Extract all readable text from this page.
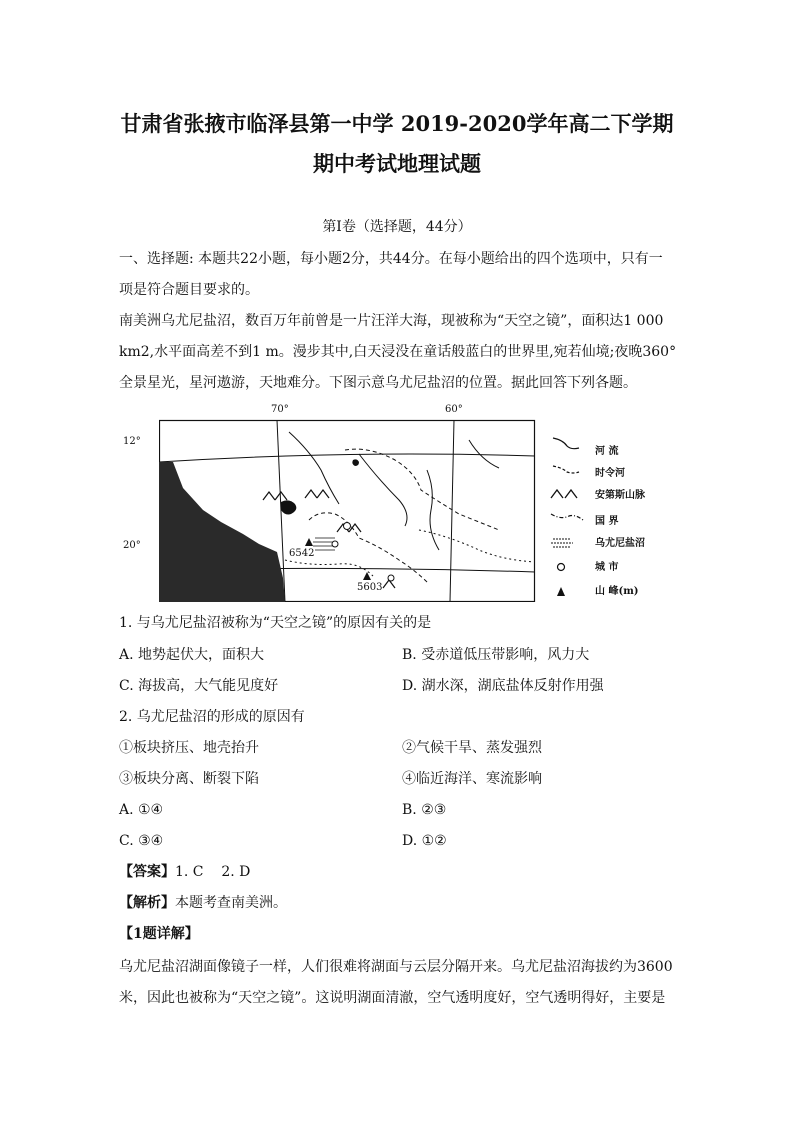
甘肃省张掖市临泽县第一中学 2019-2020学年高二下学期
期中考试地理试题
第Ⅰ卷（选择题，44分）
一、选择题: 本题共22小题，每小题2分，共44分。在每小题给出的四个选项中，只有一
项是符合题目要求的。
南美洲乌尤尼盐沼，数百万年前曾是一片汪洋大海，现被称为“天空之镜”，面积达1 000
km2,水平面高差不到1 m。漫步其中,白天浸没在童话般蓝白的世界里,宛若仙境;夜晚360°
全景星光，星河遨游，天地难分。下图示意乌尤尼盐沼的位置。据此回答下列各题。
70°	60°
12°
20°
6542
5603
河 流
时令河
安第斯山脉
国 界
乌尤尼盐沼
城 市
山 峰(m)
1. 与乌尤尼盐沼被称为“天空之镜”的原因有关的是
A. 地势起伏大，面积大	B. 受赤道低压带影响，风力大
C. 海拔高，大气能见度好	D. 湖水深，湖底盐体反射作用强
2. 乌尤尼盐沼的形成的原因有
①板块挤压、地壳抬升	②气候干旱、蒸发强烈
③板块分离、断裂下陷	④临近海洋、寒流影响
A. ①④	B. ②③
C. ③④	D. ①②
【答案】1. C    2. D
【解析】本题考查南美洲。
【1题详解】
乌尤尼盐沼湖面像镜子一样，人们很难将湖面与云层分隔开来。乌尤尼盐沼海拔约为3600
米，因此也被称为“天空之镜”。这说明湖面清澈，空气透明度好，空气透明得好，主要是
